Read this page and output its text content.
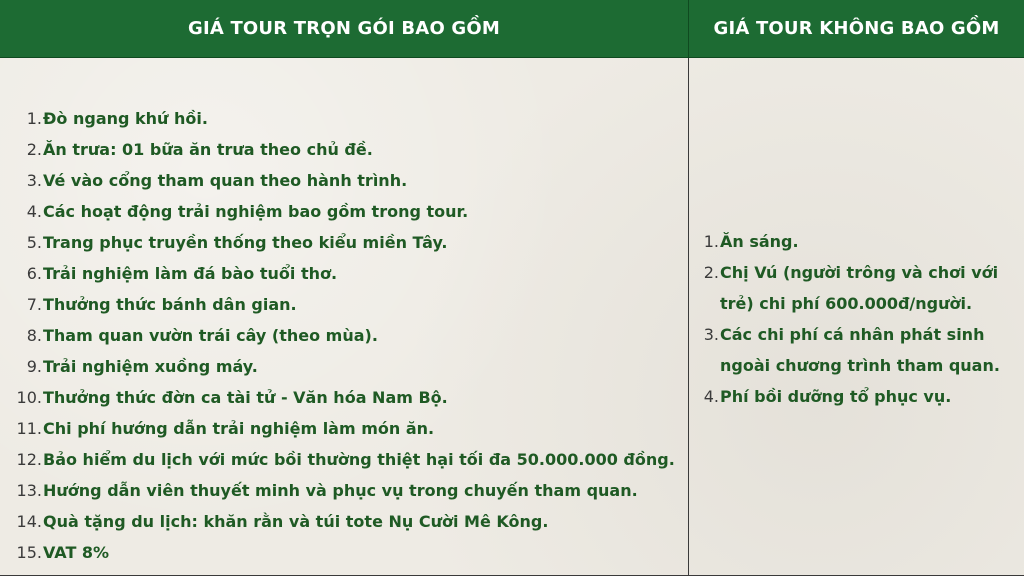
GIÁ TOUR TRỌN GÓI BAO GỒM	GIÁ TOUR KHÔNG BAO GỒM
1. Đò ngang khứ hồi.
2. Ăn trưa: 01 bữa ăn trưa theo chủ đề.
3. Vé vào cổng tham quan theo hành trình.
4. Các hoạt động trải nghiệm bao gồm trong tour.
5. Trang phục truyền thống theo kiểu miền Tây.
6. Trải nghiệm làm đá bào tuổi thơ.
7. Thưởng thức bánh dân gian.
8. Tham quan vườn trái cây (theo mùa).
9. Trải nghiệm xuồng máy.
10. Thưởng thức đờn ca tài tử - Văn hóa Nam Bộ.
11. Chi phí hướng dẫn trải nghiệm làm món ăn.
12. Bảo hiểm du lịch với mức bồi thường thiệt hại tối đa 50.000.000 đồng.
13. Hướng dẫn viên thuyết minh và phục vụ trong chuyến tham quan.
14. Quà tặng du lịch: khăn rằn và túi tote Nụ Cười Mê Kông.
15. VAT 8%
1. Ăn sáng.
2. Chị Vú (người trông và chơi với trẻ) chi phí 600.000đ/người.
3. Các chi phí cá nhân phát sinh ngoài chương trình tham quan.
4. Phí bồi dưỡng tổ phục vụ.
